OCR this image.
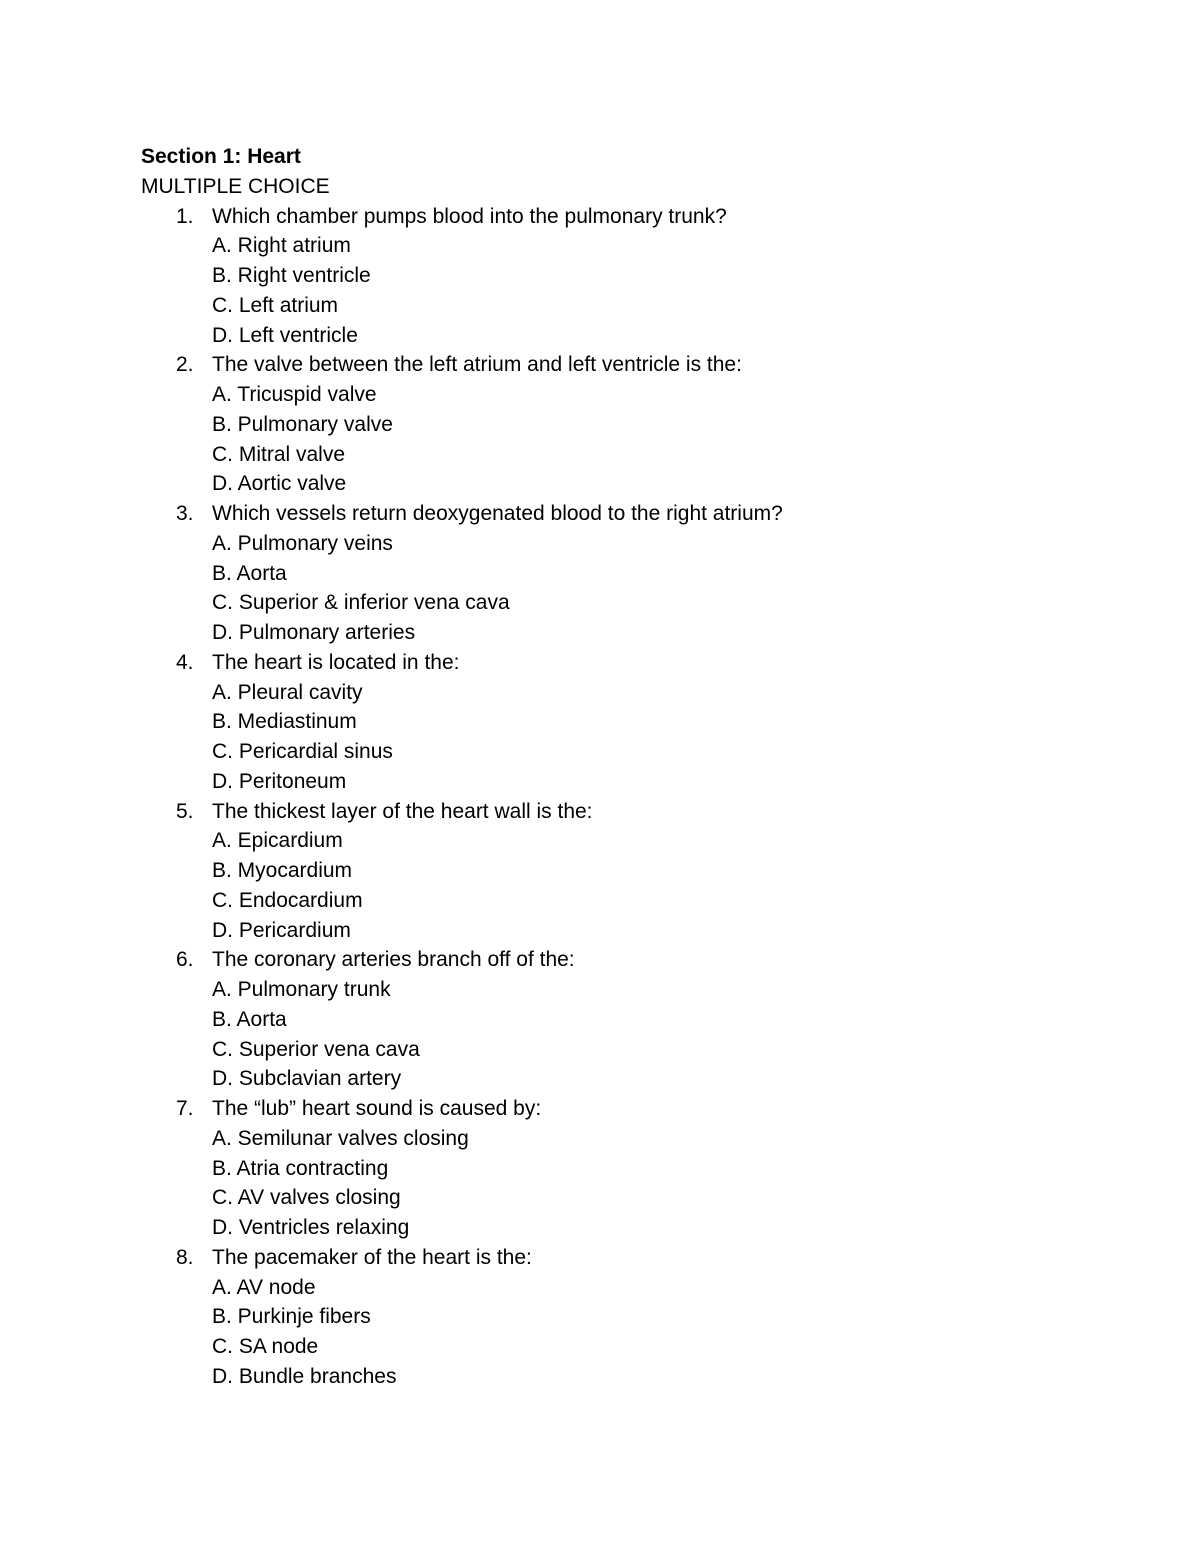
Section 1: Heart
MULTIPLE CHOICE
1. Which chamber pumps blood into the pulmonary trunk?
A. Right atrium
B. Right ventricle
C. Left atrium
D. Left ventricle
2. The valve between the left atrium and left ventricle is the:
A. Tricuspid valve
B. Pulmonary valve
C. Mitral valve
D. Aortic valve
3. Which vessels return deoxygenated blood to the right atrium?
A. Pulmonary veins
B. Aorta
C. Superior & inferior vena cava
D. Pulmonary arteries
4. The heart is located in the:
A. Pleural cavity
B. Mediastinum
C. Pericardial sinus
D. Peritoneum
5. The thickest layer of the heart wall is the:
A. Epicardium
B. Myocardium
C. Endocardium
D. Pericardium
6. The coronary arteries branch off of the:
A. Pulmonary trunk
B. Aorta
C. Superior vena cava
D. Subclavian artery
7. The “lub” heart sound is caused by:
A. Semilunar valves closing
B. Atria contracting
C. AV valves closing
D. Ventricles relaxing
8. The pacemaker of the heart is the:
A. AV node
B. Purkinje fibers
C. SA node
D. Bundle branches
